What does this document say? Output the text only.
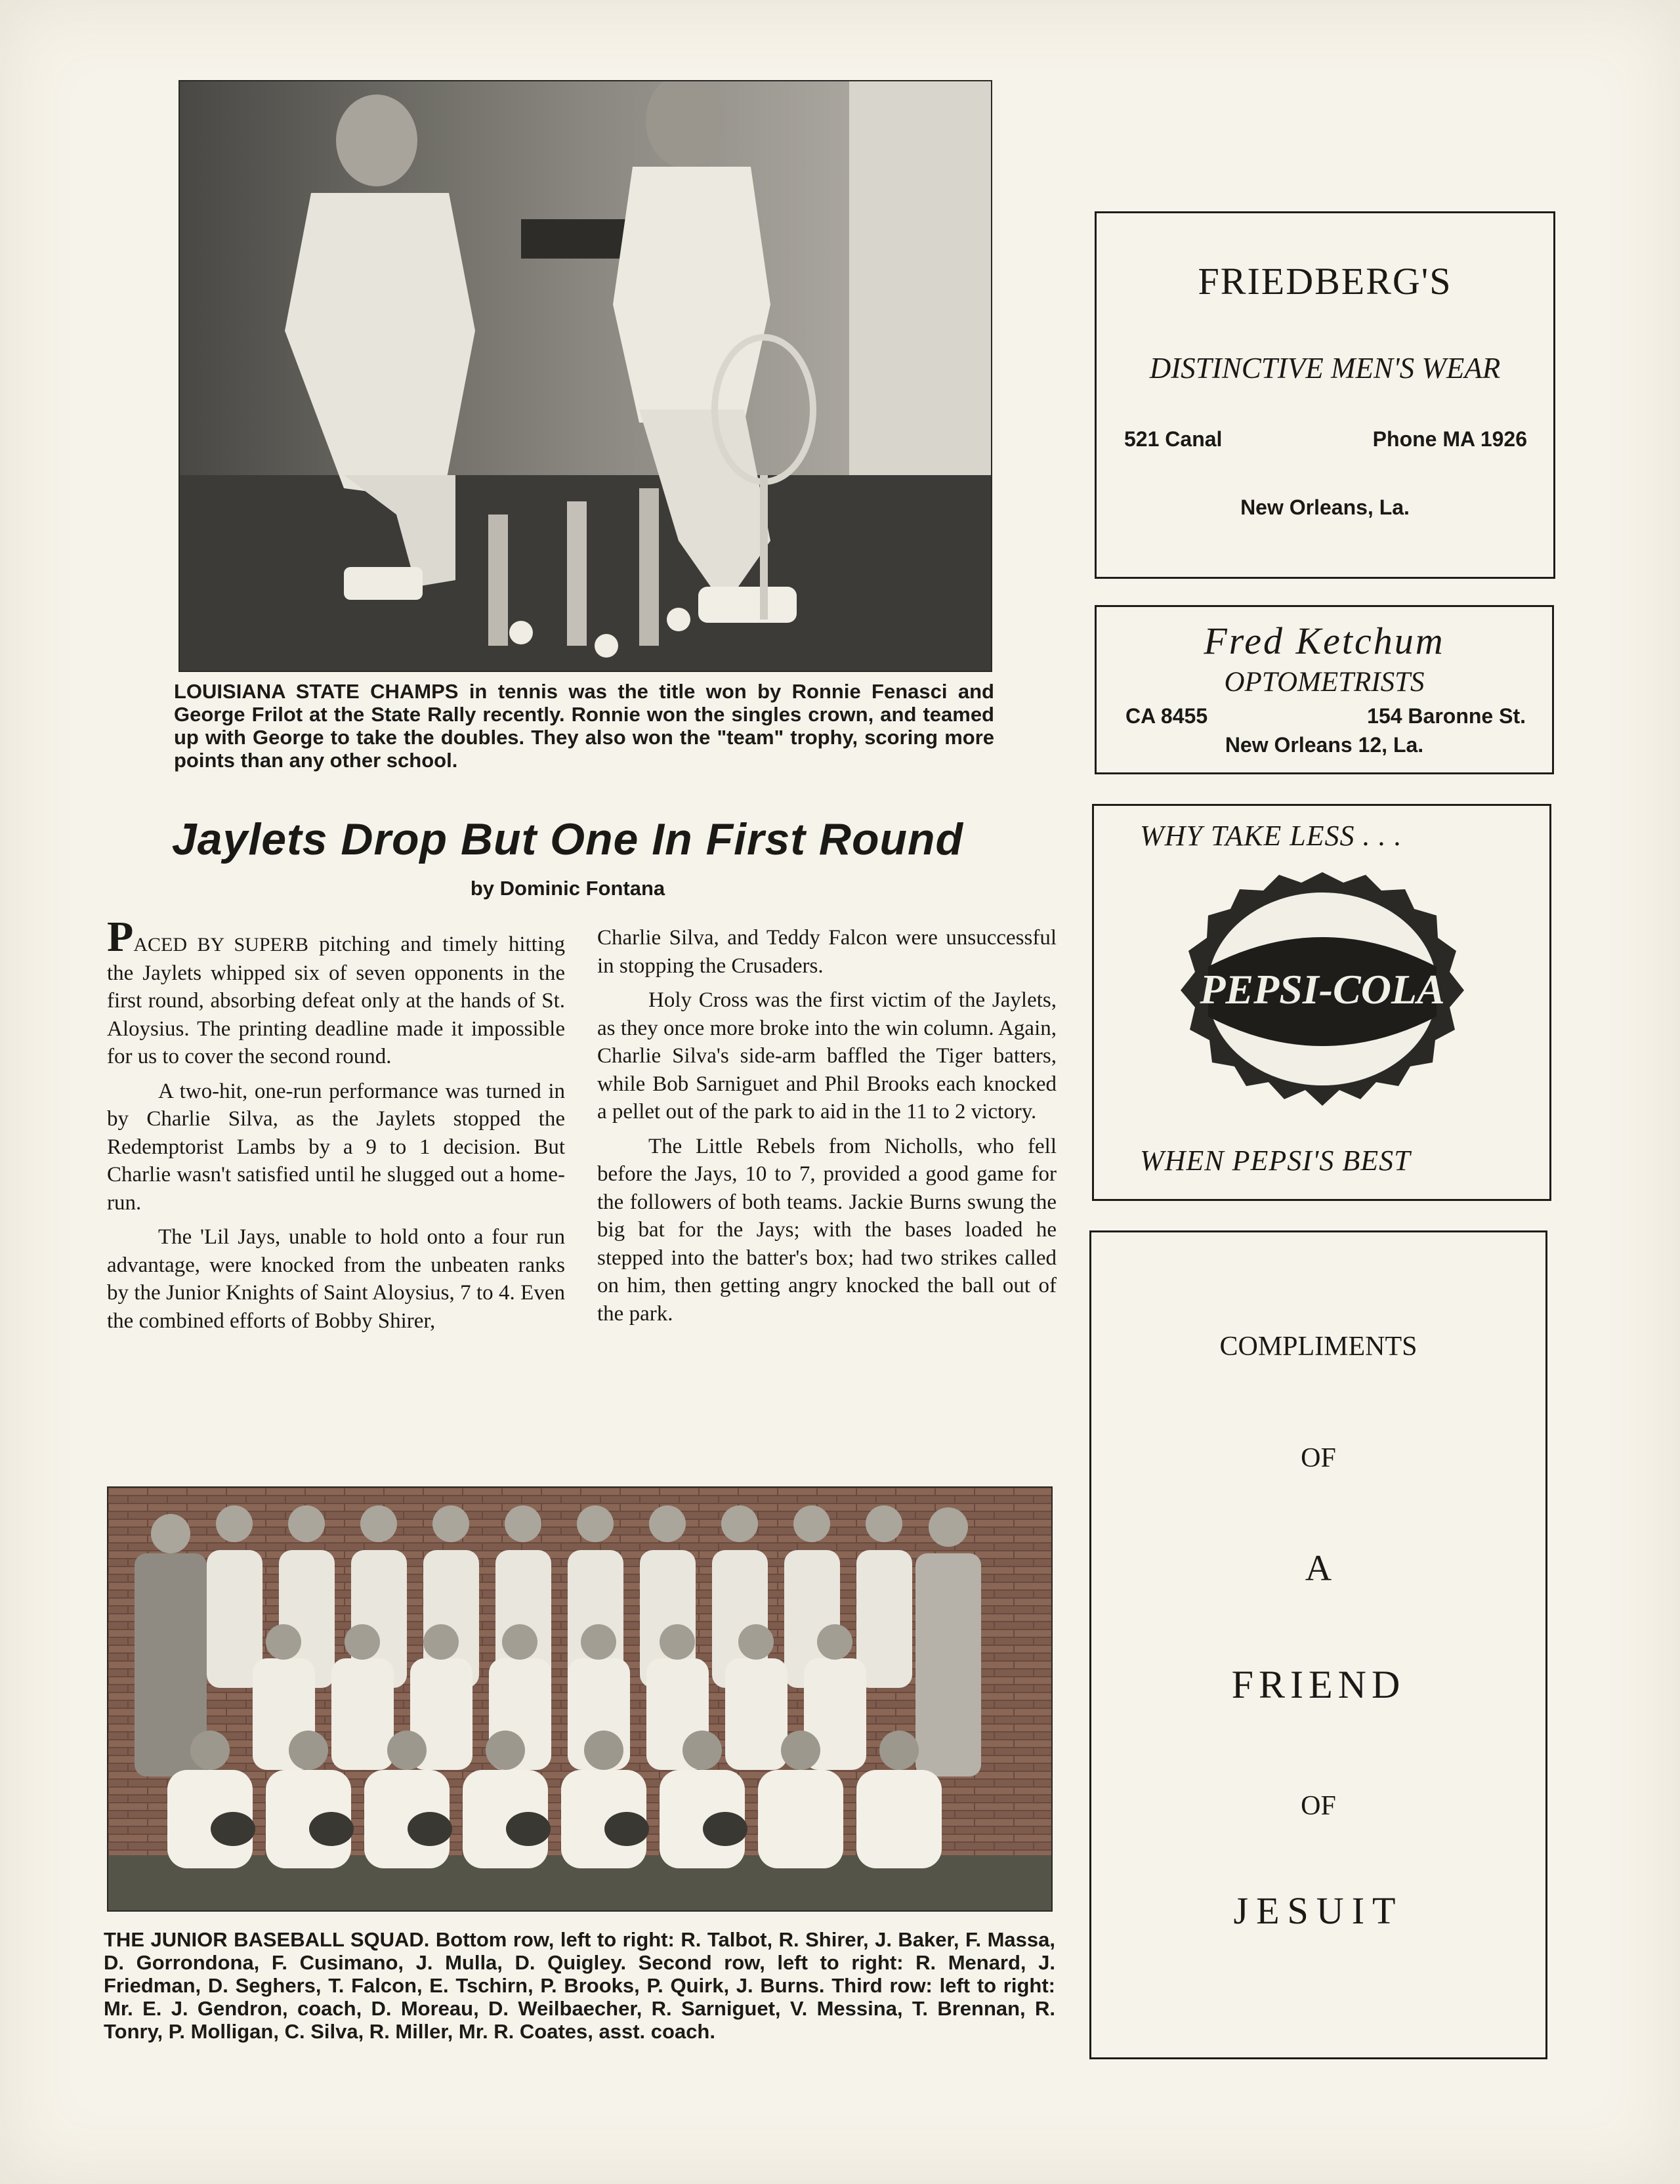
LOUISIANA STATE CHAMPS in tennis was the title won by Ronnie Fenasci and George Frilot at the State Rally recently. Ronnie won the singles crown, and teamed up with George to take the doubles. They also won the "team" trophy, scoring more points than any other school.
Jaylets Drop But One In First Round
by Dominic Fontana

PACED BY SUPERB pitching and timely hitting the Jaylets whipped six of seven opponents in the first round, absorbing defeat only at the hands of St. Aloysius. The printing deadline made it impossible for us to cover the second round.

A two-hit, one-run performance was turned in by Charlie Silva, as the Jaylets stopped the Redemptorist Lambs by a 9 to 1 decision. But Charlie wasn't satisfied until he slugged out a home-run.

The 'Lil Jays, unable to hold onto a four run advantage, were knocked from the unbeaten ranks by the Junior Knights of Saint Aloysius, 7 to 4. Even the combined efforts of Bobby Shirer,

Charlie Silva, and Teddy Falcon were unsuccessful in stopping the Crusaders.

Holy Cross was the first victim of the Jaylets, as they once more broke into the win column. Again, Charlie Silva's side-arm baffled the Tiger batters, while Bob Sarniguet and Phil Brooks each knocked a pellet out of the park to aid in the 11 to 2 victory.

The Little Rebels from Nicholls, who fell before the Jays, 10 to 7, provided a good game for the followers of both teams. Jackie Burns swung the big bat for the Jays; with the bases loaded he stepped into the batter's box; had two strikes called on him, then getting angry knocked the ball out of the park.

THE JUNIOR BASEBALL SQUAD. Bottom row, left to right: R. Talbot, R. Shirer, J. Baker, F. Massa, D. Gorrondona, F. Cusimano, J. Mulla, D. Quigley. Second row, left to right: R. Menard, J. Friedman, D. Seghers, T. Falcon, E. Tschirn, P. Brooks, P. Quirk, J. Burns. Third row: left to right: Mr. E. J. Gendron, coach, D. Moreau, D. Weilbaecher, R. Sarniguet, V. Messina, T. Brennan, R. Tonry, P. Molligan, C. Silva, R. Miller, Mr. R. Coates, asst. coach.
FRIEDBERG'S
DISTINCTIVE MEN'S WEAR
521 Canal	Phone MA 1926
New Orleans, La.
Fred Ketchum
OPTOMETRISTS
CA 8455	154 Baronne St.
New Orleans 12, La.
WHY TAKE LESS . . .
PEPSI-COLA
WHEN PEPSI'S BEST
COMPLIMENTS
OF
A
FRIEND
OF
JESUIT
